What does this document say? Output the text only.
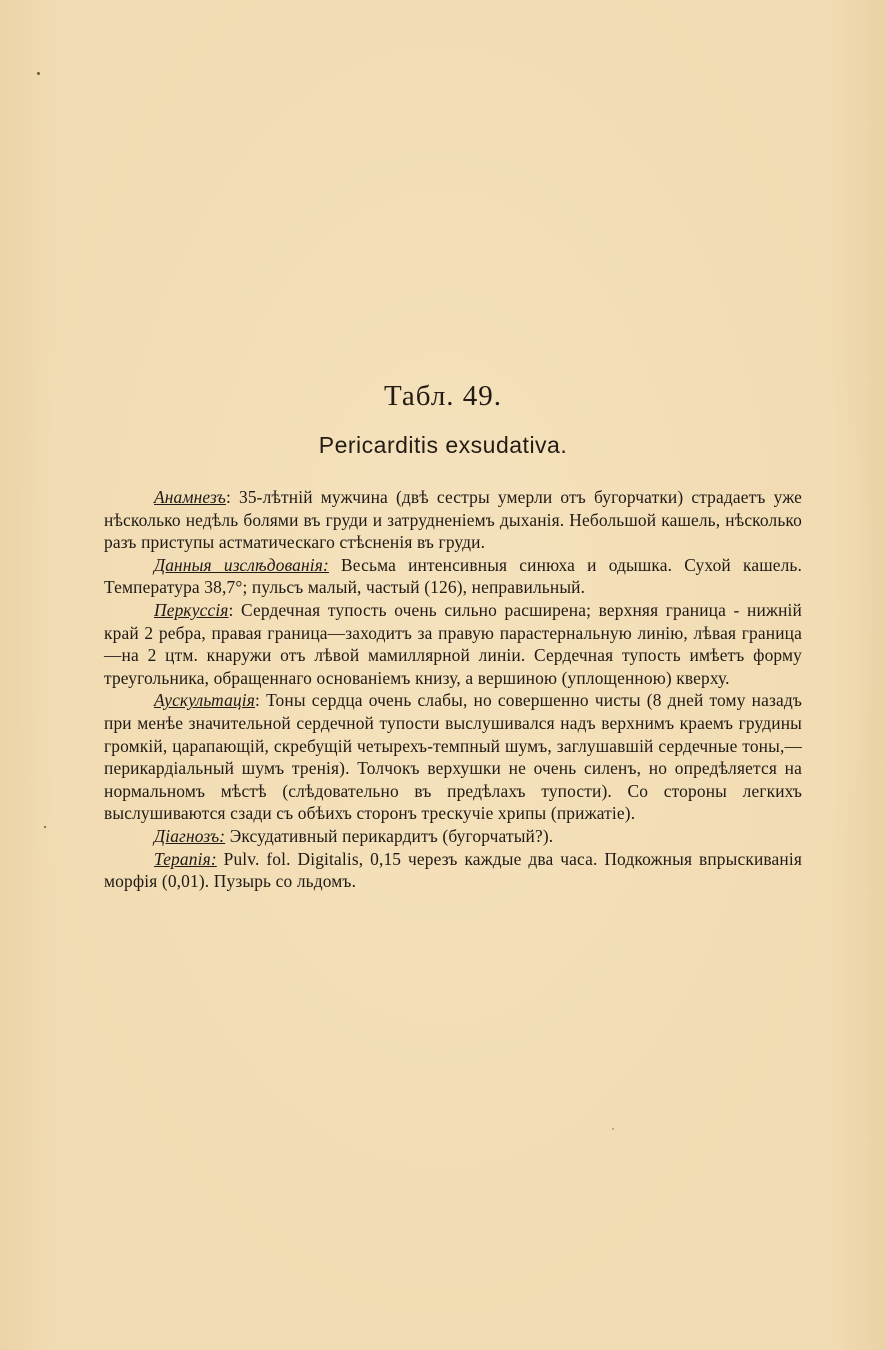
Табл. 49.
Pericarditis exsudativa.

Анамнезъ: 35-лѣтній мужчина (двѣ сестры умерли отъ бугорчатки) страдаетъ уже нѣсколько недѣль болями въ груди и затрудненіемъ дыханія. Небольшой кашель, нѣсколько разъ приступы астматическаго стѣсненія въ груди.

Данныя изслѣдованія: Весьма интенсивныя синюха и одышка. Сухой кашель. Температура 38,7°; пульсъ малый, частый (126), неправильный.

Перкуссія: Сердечная тупость очень сильно расширена; верхняя граница - нижній край 2 ребра, правая граница—заходитъ за правую парастернальную линію, лѣвая граница—на 2 цтм. кнаружи отъ лѣвой мамиллярной линіи. Сердечная тупость имѣетъ форму треугольника, обращеннаго основаніемъ книзу, а вершиною (уплощенною) кверху.

Аускультація: Тоны сердца очень слабы, но совершенно чисты (8 дней тому назадъ при менѣе значительной сердечной тупости выслушивался надъ верхнимъ краемъ грудины громкій, царапающій, скребущій четырехъ-темпный шумъ, заглушавшій сердечные тоны,—перикардіальный шумъ тренія). Толчокъ верхушки не очень силенъ, но опредѣляется на нормальномъ мѣстѣ (слѣдовательно въ предѣлахъ тупости). Со стороны легкихъ выслушиваются сзади съ обѣихъ сторонъ трескучіе хрипы (прижатіе).

Діагнозъ: Эксудативный перикардитъ (бугорчатый?).

Терапія: Pulv. fol. Digitalis, 0,15 черезъ каждые два часа. Подкожныя впрыскиванія морфія (0,01). Пузырь со льдомъ.
